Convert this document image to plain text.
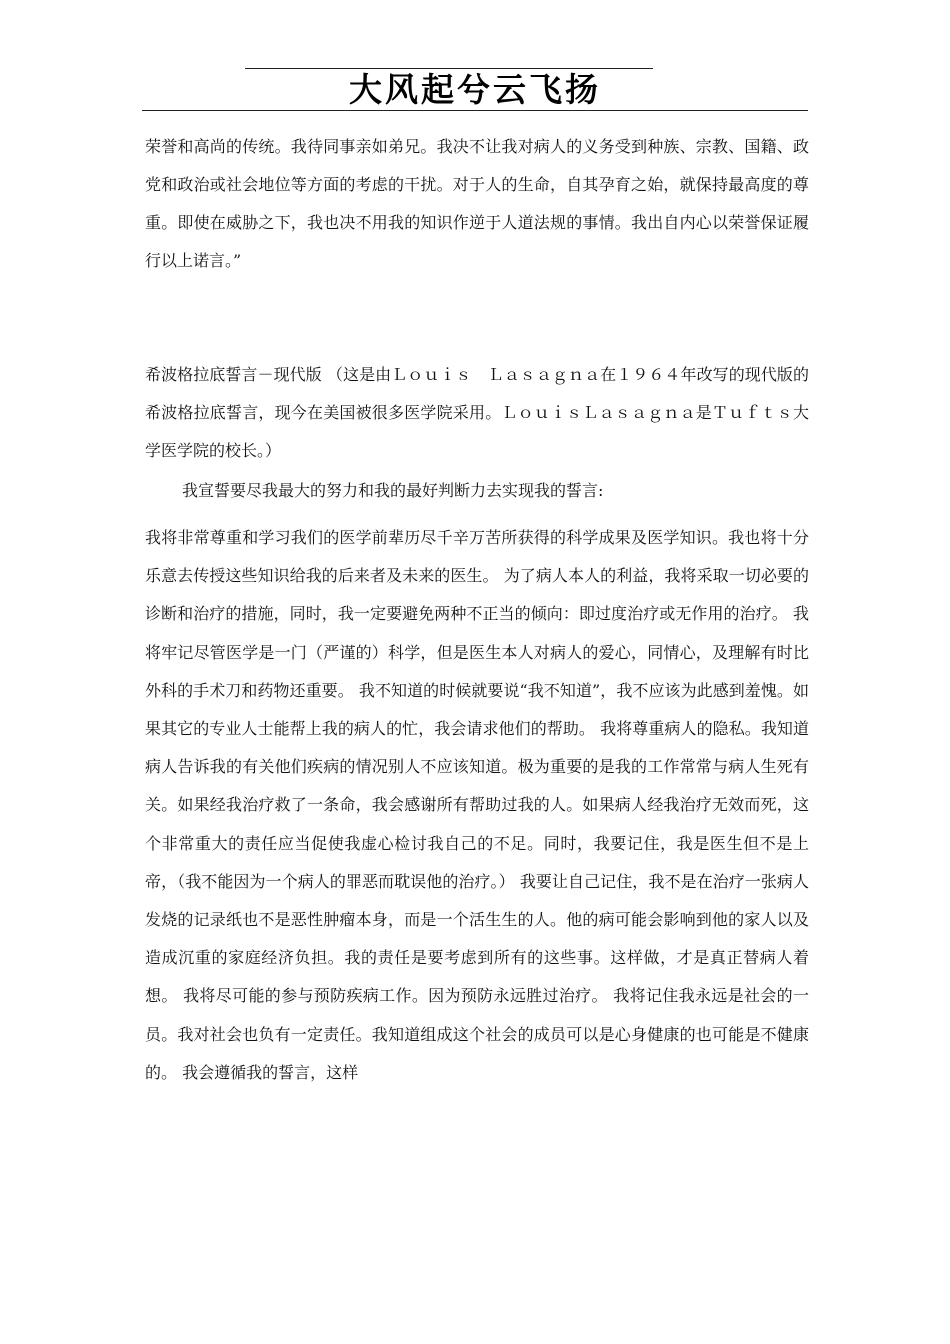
大风起兮云飞扬

荣誉和高尚的传统。我待同事亲如弟兄。我决不让我对病人的义务受到种族、宗教、国籍、政党和政治或社会地位等方面的考虑的干扰。对于人的生命，自其孕育之始，就保持最高度的尊重。即使在威胁之下，我也决不用我的知识作逆于人道法规的事情。我出自内心以荣誉保证履行以上诺言。”

希波格拉底誓言－现代版 （这是由Ｌｏｕｉｓ　Ｌａｓａｇｎａ在１９６４年改写的现代版的希波格拉底誓言，现今在美国被很多医学院采用。ＬｏｕｉｓＬａｓａｇｎａ是Ｔｕｆｔｓ大学医学院的校长。）

我宣誓要尽我最大的努力和我的最好判断力去实现我的誓言:

我将非常尊重和学习我们的医学前辈历尽千辛万苦所获得的科学成果及医学知识。我也将十分乐意去传授这些知识给我的后来者及未来的医生。 为了病人本人的利益，我将采取一切必要的诊断和治疗的措施，同时，我一定要避免两种不正当的倾向：即过度治疗或无作用的治疗。 我将牢记尽管医学是一门（严谨的）科学，但是医生本人对病人的爱心，同情心，及理解有时比外科的手术刀和药物还重要。 我不知道的时候就要说“我不知道”，我不应该为此感到羞愧。如果其它的专业人士能帮上我的病人的忙，我会请求他们的帮助。 我将尊重病人的隐私。我知道病人告诉我的有关他们疾病的情况别人不应该知道。极为重要的是我的工作常常与病人生死有关。如果经我治疗救了一条命，我会感谢所有帮助过我的人。如果病人经我治疗无效而死，这个非常重大的责任应当促使我虚心检讨我自己的不足。同时，我要记住，我是医生但不是上帝，（我不能因为一个病人的罪恶而耽误他的治疗。） 我要让自己记住，我不是在治疗一张病人发烧的记录纸也不是恶性肿瘤本身，而是一个活生生的人。他的病可能会影响到他的家人以及造成沉重的家庭经济负担。我的责任是要考虑到所有的这些事。这样做，才是真正替病人着想。 我将尽可能的参与预防疾病工作。因为预防永远胜过治疗。 我将记住我永远是社会的一员。我对社会也负有一定责任。我知道组成这个社会的成员可以是心身健康的也可能是不健康的。 我会遵循我的誓言，这样
